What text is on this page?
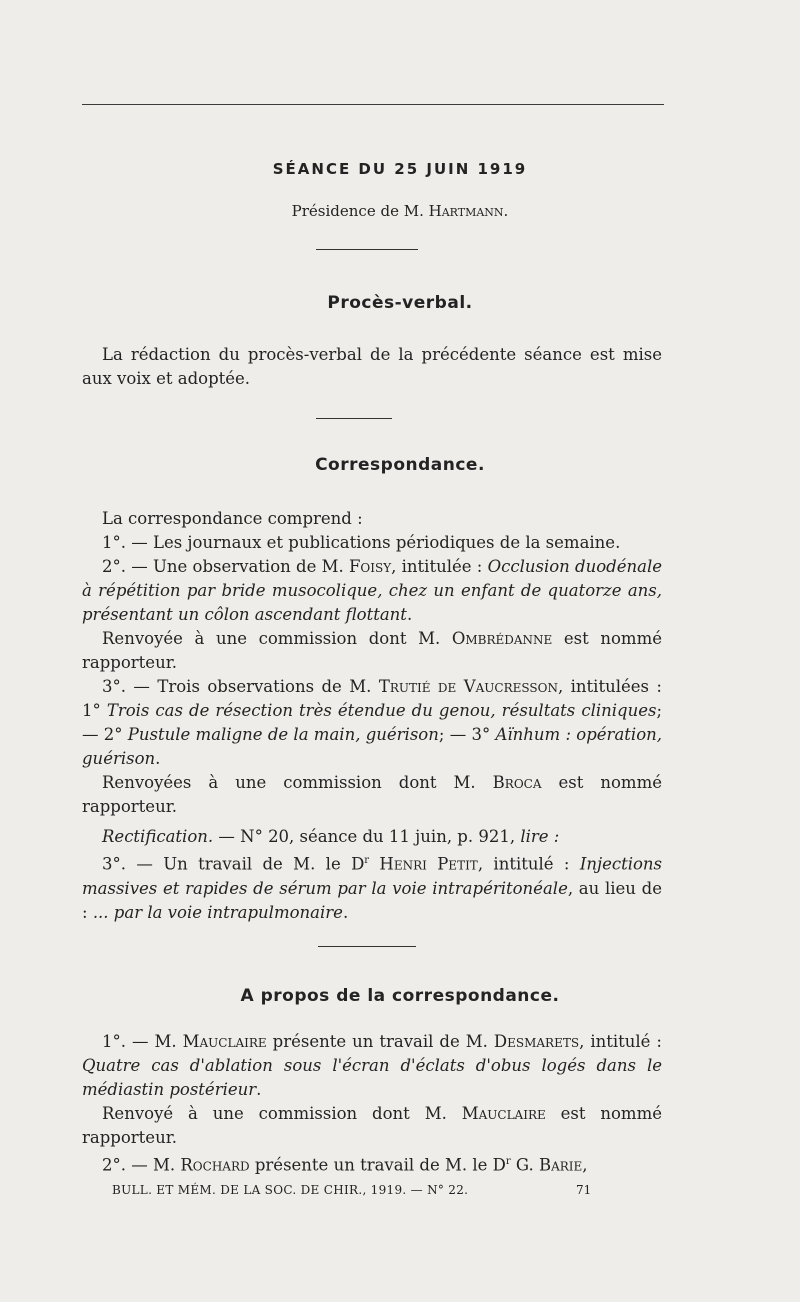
SÉANCE DU 25 JUIN 1919
Présidence de M. Hartmann.
Procès-verbal.

La rédaction du procès-verbal de la précédente séance est mise aux voix et adoptée.

Correspondance.

La correspondance comprend :

1°. — Les journaux et publications périodiques de la semaine.

2°. — Une observation de M. Foisy, intitulée : Occlusion duodénale à répétition par bride musocolique, chez un enfant de quatorze ans, présentant un côlon ascendant flottant.

Renvoyée à une commission dont M. Ombrédanne est nommé rapporteur.

3°. — Trois observations de M. Trutié de Vaucresson, intitulées : 1° Trois cas de résection très étendue du genou, résultats cliniques; — 2° Pustule maligne de la main, guérison; — 3° Aïnhum : opération, guérison.

Renvoyées à une commission dont M. Broca est nommé rapporteur.

Rectification. — N° 20, séance du 11 juin, p. 921, lire :

3°. — Un travail de M. le $D^r$ Henri Petit, intitulé : Injections massives et rapides de sérum par la voie intrapéritonéale, au lieu de : ... par la voie intrapulmonaire.

A propos de la correspondance.

1°. — M. Mauclaire présente un travail de M. Desmarets, intitulé : Quatre cas d'ablation sous l'écran d'éclats d'obus logés dans le médiastin postérieur.

Renvoyé à une commission dont M. Mauclaire est nommé rapporteur.

2°. — M. Rochard présente un travail de M. le $D^r$ G. Barie,

BULL. ET MÉM. DE LA SOC. DE CHIR., 1919. — N° 22.	71
